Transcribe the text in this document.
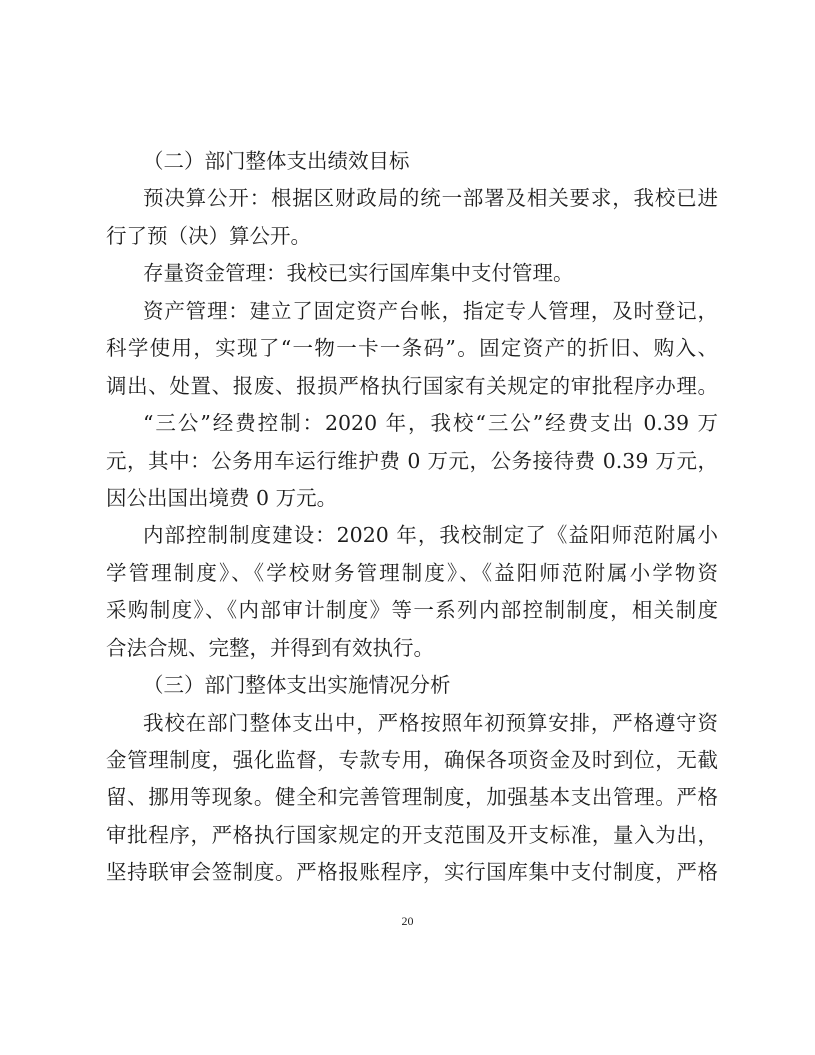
（二）部门整体支出绩效目标
预决算公开：根据区财政局的统一部署及相关要求，我校已进
行了预（决）算公开。
存量资金管理：我校已实行国库集中支付管理。
资产管理：建立了固定资产台帐，指定专人管理，及时登记，
科学使用，实现了“一物一卡一条码”。固定资产的折旧、购入、
调出、处置、报废、报损严格执行国家有关规定的审批程序办理。
“三公”经费控制：2020 年，我校“三公”经费支出 0.39 万
元，其中：公务用车运行维护费 0 万元，公务接待费 0.39 万元，
因公出国出境费 0 万元。
内部控制制度建设：2020 年，我校制定了《益阳师范附属小
学管理制度》、《学校财务管理制度》、《益阳师范附属小学物资
采购制度》、《内部审计制度》等一系列内部控制制度，相关制度
合法合规、完整，并得到有效执行。
（三）部门整体支出实施情况分析
我校在部门整体支出中，严格按照年初预算安排，严格遵守资
金管理制度，强化监督，专款专用，确保各项资金及时到位，无截
留、挪用等现象。健全和完善管理制度，加强基本支出管理。严格
审批程序，严格执行国家规定的开支范围及开支标准，量入为出，
坚持联审会签制度。严格报账程序，实行国库集中支付制度，严格
20
